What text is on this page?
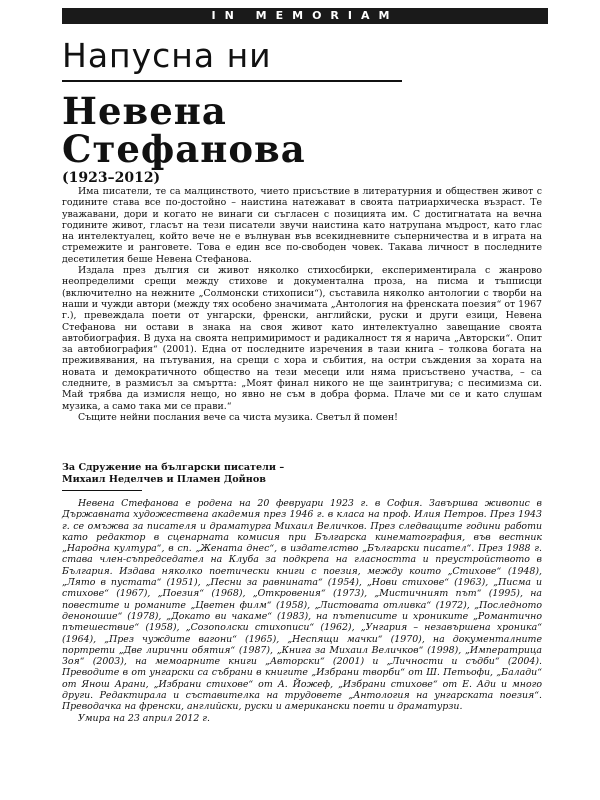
IN MEMORIAM
Напусна ни
Невена
Стефанова
(1923–2012)

Има писатели, те са малцинството, чието присъствие в литературния и обществен живот с годините става все по-достойно – наистина натежават в своята патриархическа възраст. Те уважавани, дори и когато не винаги си съгласен с позицията им. С достигнатата на вечна годините живот, гласът на тези писатели звучи наистина като натрупана мъдрост, като глас на интелектуалец, който вече не е вълнуван във всекидневните съперничества и в играта на стремежите и ранговете. Това е един все по-свободен човек. Такава личност в последните десетилетия беше Невена Стефанова.

Издала през дългия си живот няколко стихосбирки, експериментирала с жанрово неопределими срещи между стихове и документална проза, на писма и тъпписци (включително на нежните „Солмонски стихописи“), съставила няколко антологии с творби на наши и чужди автори (между тях особено значимата „Антология на френската поезия“ от 1967 г.), превеждала поети от унгарски, френски, английски, руски и други езици, Невена Стефанова ни остави в знака на своя живот като интелектуално завещание своята автобиография. В духа на своята непримиримост и радикалност тя я нарича „Авторски“. Опит за автобиография“ (2001). Една от последните изречения в тази книга – толкова богата на преживявания, на пътувания, на срещи с хора и събития, на остри съждения за хората на новата и демократичното общество на тези месеци или няма присъствено участва, – са следните, в размисъл за смъртта: „Моят финал никого не ще заинтригува; с песимизма си. Май трябва да измисля нещо, но явно не съм в добра форма. Плаче ми се и като слушам музика, а само така ми се прави.“

Същите нейни послания вече са чиста музика. Светъл й помен!

За Сдружение на български писатели –
Михаил Неделчев и Пламен Дойнов

Невена Стефанова е родена на 20 февруари 1923 г. в София. Завършва живопис в Държавната художествена академия през 1946 г. в класа на проф. Илия Петров. През 1943 г. се омъжва за писателя и драматурга Михаил Величков. През следващите години работи като редактор в сценарната комисия при Българска кинематография, във вестник „Народна култура“, в сп. „Жената днес“, в издателство „Български писател“. През 1988 г. става член-съпредседател на Клуба за подкрепа на гласността и преустройството в България. Издава няколко поетически книги с поезия, между които „Стихове“ (1948), „Лято в пустата“ (1951), „Песни за равнината“ (1954), „Нови стихове“ (1963), „Писма и стихове“ (1967), „Поезия“ (1968), „Откровения“ (1973), „Мистичният път“ (1995), на повестите и романите „Цветен филм“ (1958), „Листовата отливка“ (1972), „Последното деноношие“ (1978), „Докато ви чакаме“ (1983), на пътеписите и хрониките „Романтично пътешествие“ (1958), „Созополски стихописи“ (1962), „Унгария – незавършена хроника“ (1964), „През чуждите вагони“ (1965), „Неспящи мачки“ (1970), на документалните портрети „Две лирични обятия“ (1987), „Книга за Михаил Величков“ (1998), „Императрица Зоя“ (2003), на мемоарните книги „Авторски“ (2001) и „Личности и съдби“ (2004). Преводите в от унгарски са събрани в книгите „Избрани творби“ от Ш. Петьофи, „Балади“ от Янош Арани, „Избрани стихове“ от А. Йожеф, „Избрани стихове“ от Е. Ади и много други. Редактирала и съставителка на трудовете „Антология на унгарската поезия“. Преводачка на френски, английски, руски и американски поети и драматурзи.

Умира на 23 април 2012 г.
